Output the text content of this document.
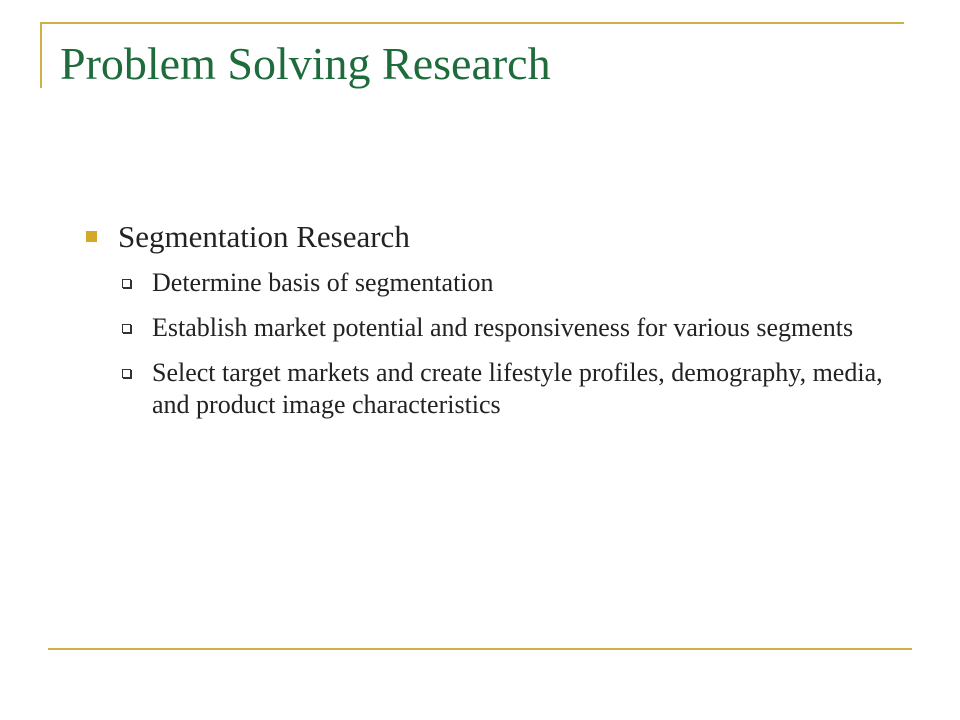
Problem Solving Research
Segmentation Research
Determine basis of segmentation
Establish market potential and responsiveness for various segments
Select target markets and create lifestyle profiles, demography, media, and product image characteristics
